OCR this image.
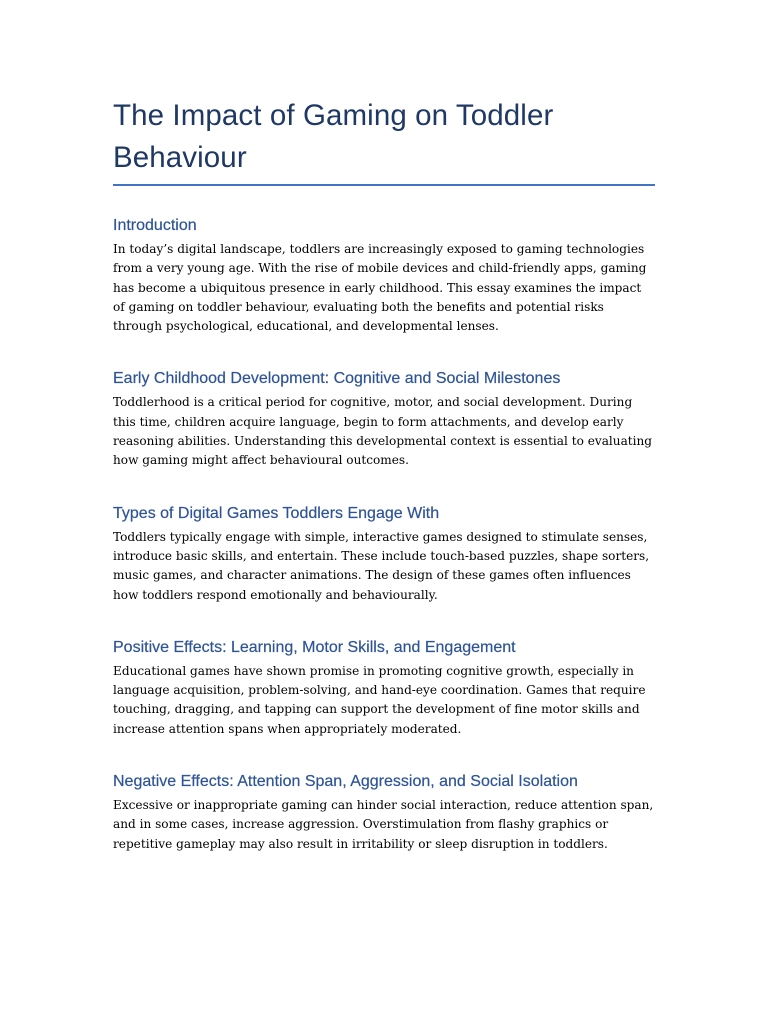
The Impact of Gaming on Toddler Behaviour
Introduction

In today’s digital landscape, toddlers are increasingly exposed to gaming technologies from a very young age. With the rise of mobile devices and child-friendly apps, gaming has become a ubiquitous presence in early childhood. This essay examines the impact of gaming on toddler behaviour, evaluating both the benefits and potential risks through psychological, educational, and developmental lenses.

Early Childhood Development: Cognitive and Social Milestones

Toddlerhood is a critical period for cognitive, motor, and social development. During this time, children acquire language, begin to form attachments, and develop early reasoning abilities. Understanding this developmental context is essential to evaluating how gaming might affect behavioural outcomes.

Types of Digital Games Toddlers Engage With

Toddlers typically engage with simple, interactive games designed to stimulate senses, introduce basic skills, and entertain. These include touch-based puzzles, shape sorters, music games, and character animations. The design of these games often influences how toddlers respond emotionally and behaviourally.

Positive Effects: Learning, Motor Skills, and Engagement

Educational games have shown promise in promoting cognitive growth, especially in language acquisition, problem-solving, and hand-eye coordination. Games that require touching, dragging, and tapping can support the development of fine motor skills and increase attention spans when appropriately moderated.

Negative Effects: Attention Span, Aggression, and Social Isolation

Excessive or inappropriate gaming can hinder social interaction, reduce attention span, and in some cases, increase aggression. Overstimulation from flashy graphics or repetitive gameplay may also result in irritability or sleep disruption in toddlers.
